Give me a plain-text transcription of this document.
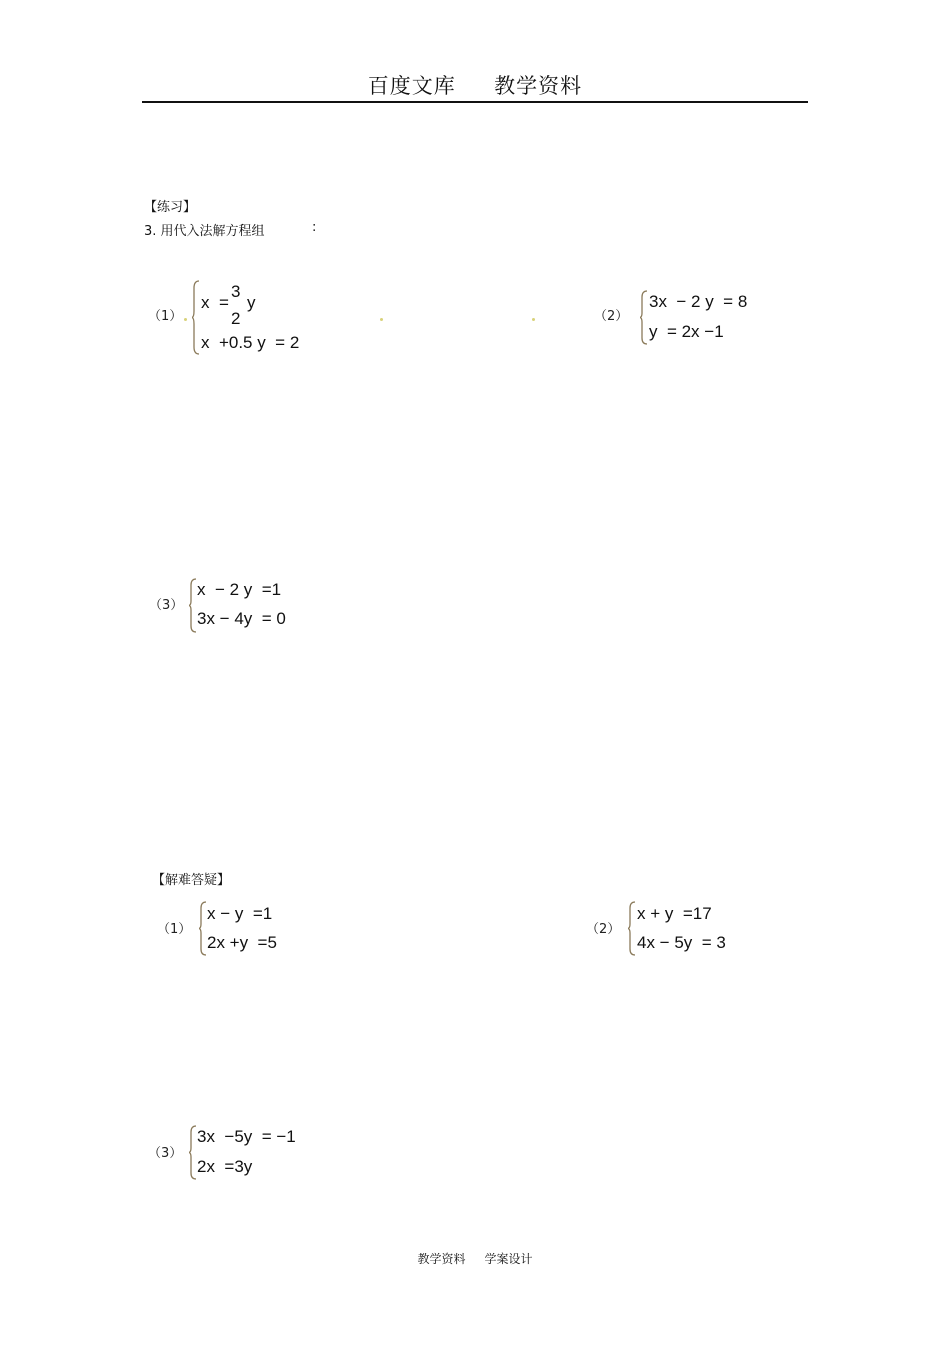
百度文库     教学资料
【练习】
3. 用代入法解方程组	:
（1）
x  =
3
2
y
x  +0.5 y  = 2
（2）
3x  − 2 y  = 8
y  = 2x −1
（3）
x  − 2 y  =1
3x − 4y  = 0
【解难答疑】
（1）
x − y  =1
2x +y  =5
（2）
x + y  =17
4x − 5y  = 3
（3）
3x  −5y  = −1
2x  =3y
教学资料     学案设计
